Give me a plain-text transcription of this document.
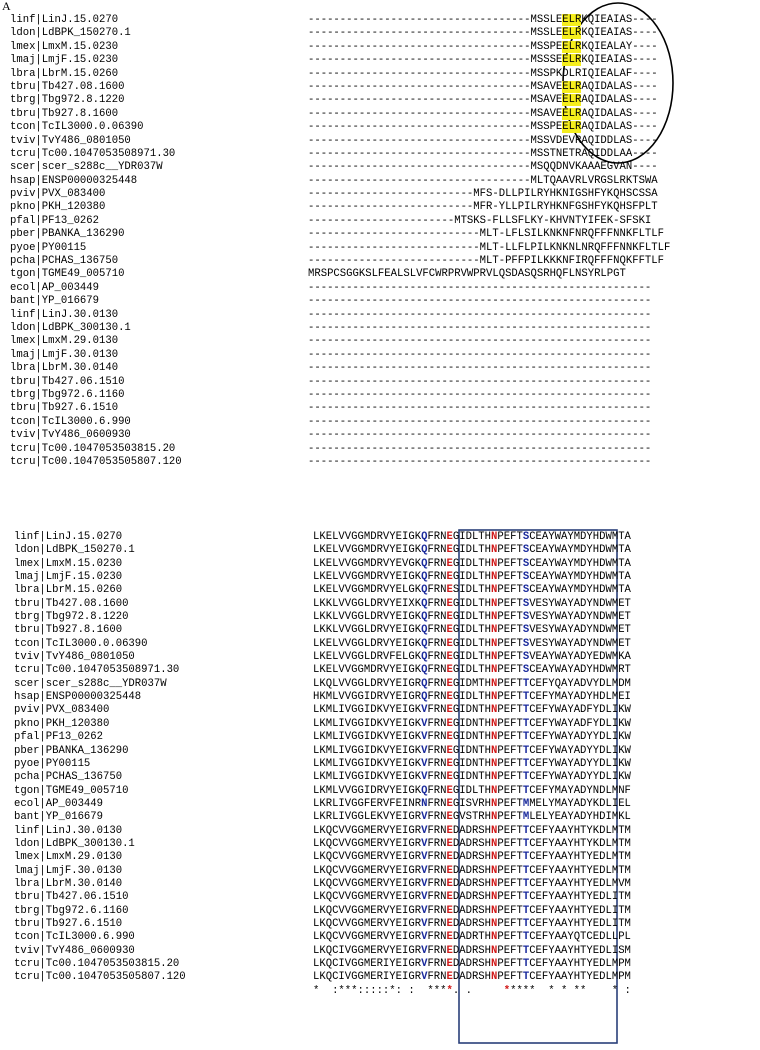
A
linf|LinJ.15.0270	-----------------------------------MSSLEELRKQIEAIAS----
ldon|LdBPK_150270.1	-----------------------------------MSSLEELRKQIEAIAS----
lmex|LmxM.15.0230	-----------------------------------MSSPEELRKQIEALAY----
lmaj|LmjF.15.0230	-----------------------------------MSSSEELRKQIEAIAS----
lbra|LbrM.15.0260	-----------------------------------MSSPKDLRIQIEALAF----
tbru|Tb427.08.1600	-----------------------------------MSAVEELRAQIDALAS----
tbrg|Tbg972.8.1220	-----------------------------------MSAVEELRAQIDALAS----
tbru|Tb927.8.1600	-----------------------------------MSAVEELRAQIDALAS----
tcon|TcIL3000.0.06390	-----------------------------------MSSPEELRAQIDALAS----
tviv|TvY486_0801050	-----------------------------------MSSVDEVRAQIDDLAS----
tcru|Tc00.1047053508971.30	-----------------------------------MSSTNETRAQIDDLAA----
scer|scer_s288c__YDR037W	-----------------------------------MSQQDNVKAAAEGVAN----
hsap|ENSP00000325448	-----------------------------------MLTQAAVRLVRGSLRKTSWA
pviv|PVX_083400	--------------------------MFS-DLLPILRYHKNIGSHFYKQHSCSSA
pkno|PKH_120380	--------------------------MFR-YLLPILRYHKNFGSHFYKQHSFPLT
pfal|PF13_0262	-----------------------MTSKS-FLLSFLKY-KHVNTYIFEK-SFSKI
pber|PBANKA_136290	---------------------------MLT-LFLSILKNKNFNRQFFFNNKFLTLF
pyoe|PY00115	---------------------------MLT-LLFLPILKNKNLNRQFFFNNKFLTLF
pcha|PCHAS_136750	---------------------------MLT-PFFPILKKKNFIRQFFFNQKFFTLF
tgon|TGME49_005710	MRSPCSGGKSLFEALSLVFCWRPRVWPRVLQSDASQSRHQFLNSYRLPGT
ecol|AP_003449	------------------------------------------------------
bant|YP_016679	------------------------------------------------------
linf|LinJ.30.0130	------------------------------------------------------
ldon|LdBPK_300130.1	------------------------------------------------------
lmex|LmxM.29.0130	------------------------------------------------------
lmaj|LmjF.30.0130	------------------------------------------------------
lbra|LbrM.30.0140	------------------------------------------------------
tbru|Tb427.06.1510	------------------------------------------------------
tbrg|Tbg972.6.1160	------------------------------------------------------
tbru|Tb927.6.1510	------------------------------------------------------
tcon|TcIL3000.6.990	------------------------------------------------------
tviv|TvY486_0600930	------------------------------------------------------
tcru|Tc00.1047053503815.20	------------------------------------------------------
tcru|Tc00.1047053505807.120	------------------------------------------------------
linf|LinJ.15.0270	LKELVVGGMDRVYEIGKQFRNEGIDLTHNPEFTSCEAYWAYMDYHDWMTA
ldon|LdBPK_150270.1	LKELVVGGMDRVYEIGKQFRNEGIDLTHNPEFTSCEAYWAYMDYHDWMTA
lmex|LmxM.15.0230	LKELVVGGMDRVYEVGKQFRNEGIDLTHNPEFTSCEAYWAYMDYHDWMTA
lmaj|LmjF.15.0230	LKELVVGGMDRVYEIGKQFRNEGIDLTHNPEFTSCEAYWAYMDYHDWMTA
lbra|LbrM.15.0260	LKELVVGGMDRVYELGKQFRNESIDLTHNPEFTSCEAYWAYMDYHDWMTA
tbru|Tb427.08.1600	LKKLVVGGLDRVYEIXKQFRNEGIDLTHNPEFTSVESYWAYADYNDWMET
tbrg|Tbg972.8.1220	LKKLVVGGLDRVYEIGKQFRNEGIDLTHNPEFTSVESYWAYADYNDWMET
tbru|Tb927.8.1600	LKKLVVGGLDRVYEIGKQFRNEGIDLTHNPEFTSVESYWAYADYNDWMET
tcon|TcIL3000.0.06390	LKELVVGGLDRVYEIGKQFRNEGIDLTHNPEFTSVESYWAYADYNDWMET
tviv|TvY486_0801050	LKELVVGGLDRVFELGKQFRNEGIDLTHNPEFTSVEAYWAYADYEDWMKA
tcru|Tc00.1047053508971.30	LKELVVGGMDRVYEIGKQFRNEGIDLTHNPEFTSCEAYWAYADYHDWMRT
scer|scer_s288c__YDR037W	LKQLVVGGLDRVYEIGRQFRNEGIDMTHNPEFTTCEFYQAYADVYDLMDM
hsap|ENSP00000325448	HKMLVVGGIDRVYEIGRQFRNEGIDLTHNPEFTTCEFYMAYADYHDLMEI
pviv|PVX_083400	LKMLIVGGIDKVYEIGKVFRNEGIDNTHNPEFTTCEFYWAYADFYDLIKW
pkno|PKH_120380	LKMLIVGGIDKVYEIGKVFRNEGIDNTHNPEFTTCEFYWAYADFYDLIKW
pfal|PF13_0262	LKMLIVGGIDKVYEIGKVFRNEGIDNTHNPEFTTCEFYWAYADYYDLIKW
pber|PBANKA_136290	LKMLIVGGIDKVYEIGKVFRNEGIDNTHNPEFTTCEFYWAYADYYDLIKW
pyoe|PY00115	LKMLIVGGIDKVYEIGKVFRNEGIDNTHNPEFTTCEFYWAYADYYDLIKW
pcha|PCHAS_136750	LKMLIVGGIDKVYEIGKVFRNEGIDNTHNPEFTTCEFYWAYADYYDLIKW
tgon|TGME49_005710	LKMLVVGGIDRVYEIGKQFRNEGIDLTHNPEFTTCEFYMAYADYNDLMNF
ecol|AP_003449	LKRLIVGGFERVFEINRNFRNEGISVRHNPEFTMMELYMAYADYKDLIEL
bant|YP_016679	LKRLIVGGLEKVYEIGRVFRNEGVSTRHNPEFTMLELYEAYADYHDIMKL
linf|LinJ.30.0130	LKQCVVGGMERVYEIGRVFRNEDADRSHNPEFTTCEFYAAYHTYKDLMTM
ldon|LdBPK_300130.1	LKQCVVGGMERVYEIGRVFRNEDADRSHNPEFTTCEFYAAYHTYKDLMTM
lmex|LmxM.29.0130	LKQCVVGGMERVYEIGRVFRNEDADRSHNPEFTTCEFYAAYHTYEDLMTM
lmaj|LmjF.30.0130	LKQCVVGGMERVYEIGRVFRNEDADRSHNPEFTTCEFYAAYHTYEDLMTM
lbra|LbrM.30.0140	LKQCVVGGMERVYEIGRVFRNEDADRSHNPEFTTCEFYAAYHTYEDLMVM
tbru|Tb427.06.1510	LKQCVVGGMERVYEIGRVFRNEDADRSHNPEFTTCEFYAAYHTYEDLITM
tbrg|Tbg972.6.1160	LKQCVVGGMERVYEIGRVFRNEDADRSHNPEFTTCEFYAAYHTYEDLITM
tbru|Tb927.6.1510	LKQCVVGGMERVYEIGRVFRNEDADRSHNPEFTTCEFYAAYHTYEDLITM
tcon|TcIL3000.6.990	LKQCVVGGMERVYEIGRVFRNEDADRTHNPEFTTCEFYAAYQTCEDLLPL
tviv|TvY486_0600930	LKQCIVGGMERVYEIGRVFRNEDADRSHNPEFTTCEFYAAYHTYEDLISM
tcru|Tc00.1047053503815.20	LKQCIVGGMERIYEIGRVFRNEDADRSHNPEFTTCEFYAAYHTYEDLMPM
tcru|Tc00.1047053505807.120	LKQCIVGGMERIYEIGRVFRNEDADRSHNPEFTTCEFYAAYHTYEDLMPM
*  :***:::::*: :  ****. .     *****  * * **    * :
